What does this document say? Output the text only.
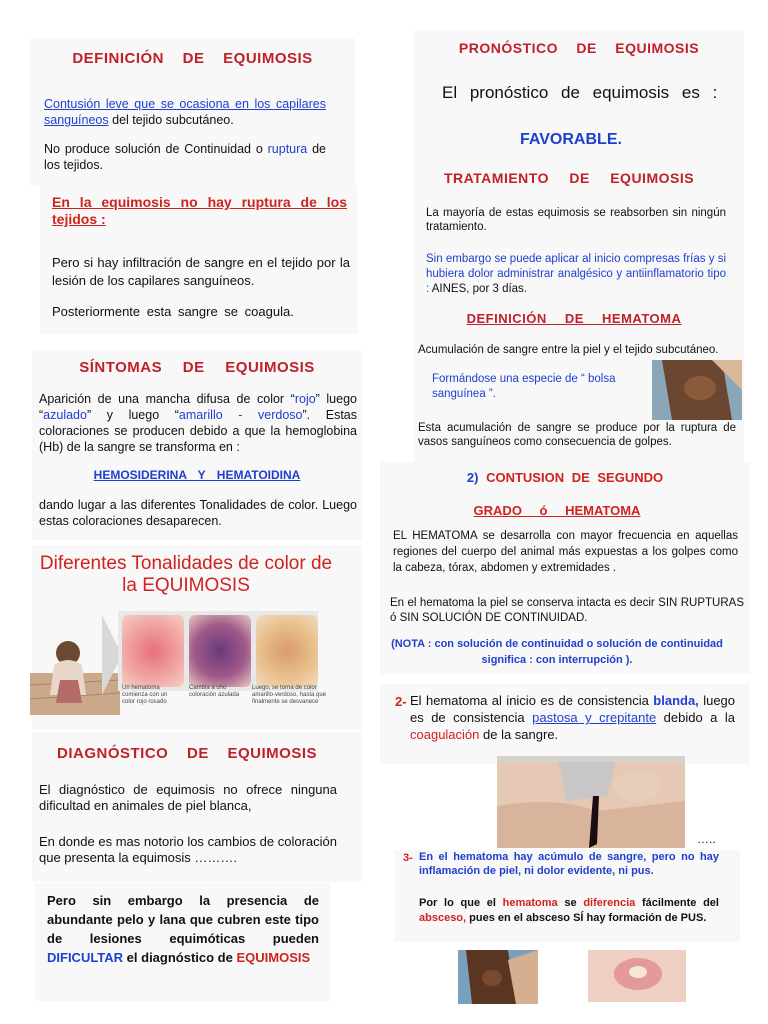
DEFINICIÓN DE EQUIMOSIS
Contusión leve que se ocasiona en los capilares sanguíneos del tejido subcutáneo.
No produce solución de Continuidad o ruptura de los tejidos.
En la equimosis no hay ruptura de los tejidos :
Pero si hay infiltración de sangre en el tejido por la lesión de los capilares sanguíneos.
Posteriormente esta sangre se coagula.
SÍNTOMAS DE EQUIMOSIS
Aparición de una mancha difusa de color “rojo” luego “azulado” y luego “amarillo - verdoso”. Estas coloraciones se producen debido a que la hemoglobina (Hb) de la sangre se transforma en :
HEMOSIDERINA Y HEMATOIDINA
dando lugar a las diferentes Tonalidades de color. Luego estas coloraciones desaparecen.
Diferentes Tonalidades de color de la EQUIMOSIS
Un hematoma comienza con un color rojo rosado
Cambia a uno coloración azulada
Luego, se torna de color amarillo-verdoso, hasta que finalmente se desvanece
DIAGNÓSTICO DE EQUIMOSIS
El diagnóstico de equimosis no ofrece ninguna dificultad en animales de piel blanca,
En donde es mas notorio los cambios de coloración que presenta la equimosis ……….
Pero sin embargo la presencia de abundante pelo y lana que cubren este tipo de lesiones equimóticas pueden DIFICULTAR el diagnóstico de EQUIMOSIS
PRONÓSTICO DE EQUIMOSIS
El pronóstico de equimosis es :
FAVORABLE.
TRATAMIENTO DE EQUIMOSIS
La mayoría de estas equimosis se reabsorben sin ningún tratamiento.
Sin embargo se puede aplicar al inicio compresas frías y si hubiera dolor administrar analgésico y antiinflamatorio tipo : AINES, por 3 días.
DEFINICIÓN DE HEMATOMA
Acumulación de sangre entre la piel y el tejido subcutáneo.
Formándose una especie de “ bolsa sanguínea ”.
Esta acumulación de sangre se produce por la ruptura de vasos sanguíneos como consecuencia de golpes.
2) CONTUSION DE SEGUNDO
GRADO ó HEMATOMA
EL HEMATOMA se desarrolla con mayor frecuencia en aquellas regiones del cuerpo del animal más expuestas a los golpes como la cabeza, tórax, abdomen y extremidades .
En el hematoma la piel se conserva intacta es decir SIN RUPTURAS ó SIN SOLUCIÓN DE CONTINUIDAD.
(NOTA : con solución de continuidad o solución de continuidad significa : con interrupción ).
2- El hematoma al inicio es de consistencia blanda, luego es de consistencia pastosa y crepitante debido a la coagulación de la sangre.
…..
3- En el hematoma hay acúmulo de sangre, pero no hay inflamación de piel, ni dolor evidente, ni pus.
Por lo que el hematoma se diferencia fácilmente del absceso, pues en el absceso SÍ hay formación de PUS.
